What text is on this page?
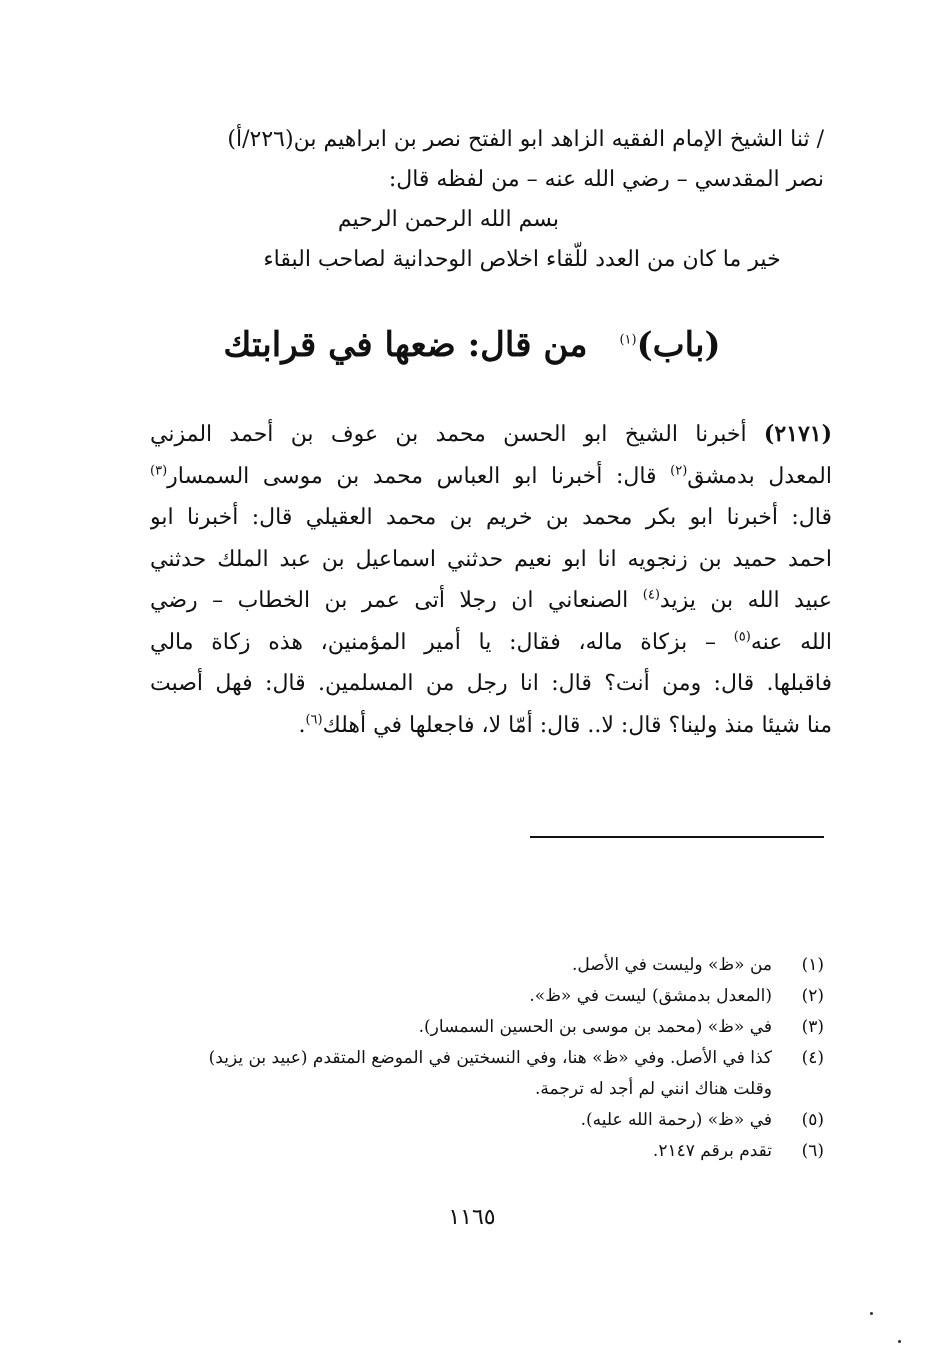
/ ثنا الشيخ الإمام الفقيه الزاهد ابو الفتح نصر بن ابراهيم بن(٢٢٦/أ)
نصر المقدسي – رضي الله عنه – من لفظه قال:
بسم الله الرحمن الرحيم
خير ما كان من العدد للّقاء اخلاص الوحدانية لصاحب البقاء
(باب)$^{(١)}$من قال: ضعها في قرابتك
(٢١٧١) أخبرنا الشيخ ابو الحسن محمد بن عوف بن أحمد المزني
المعدل بدمشق$^{(٢)}$ قال: أخبرنا ابو العباس محمد بن موسى السمسار$^{(٣)}$
قال: أخبرنا ابو بكر محمد بن خريم بن محمد العقيلي قال: أخبرنا ابو
احمد حميد بن زنجويه انا ابو نعيم حدثني اسماعيل بن عبد الملك حدثني
عبيد الله بن يزيد$^{(٤)}$ الصنعاني ان رجلا أتى عمر بن الخطاب – رضي
الله عنه$^{(٥)}$ – بزكاة ماله، فقال: يا أمير المؤمنين، هذه زكاة مالي
فاقبلها. قال: ومن أنت؟ قال: انا رجل من المسلمين. قال: فهل أصبت
منا شيئا منذ ولينا؟ قال: لا.. قال: أمّا لا، فاجعلها في أهلك$^{(٦)}$.
(١)
من «ظ» وليست في الأصل.
(٢)
(المعدل بدمشق) ليست في «ظ».
(٣)
في «ظ» (محمد بن موسى بن الحسين السمسار).
(٤)
كذا في الأصل. وفي «ظ» هنا، وفي النسختين في الموضع المتقدم (عبيد بن يزيد)
وقلت هناك انني لم أجد له ترجمة.
(٥)
في «ظ» (رحمة الله عليه).
(٦)
تقدم برقم ٢١٤٧.
١١٦٥
